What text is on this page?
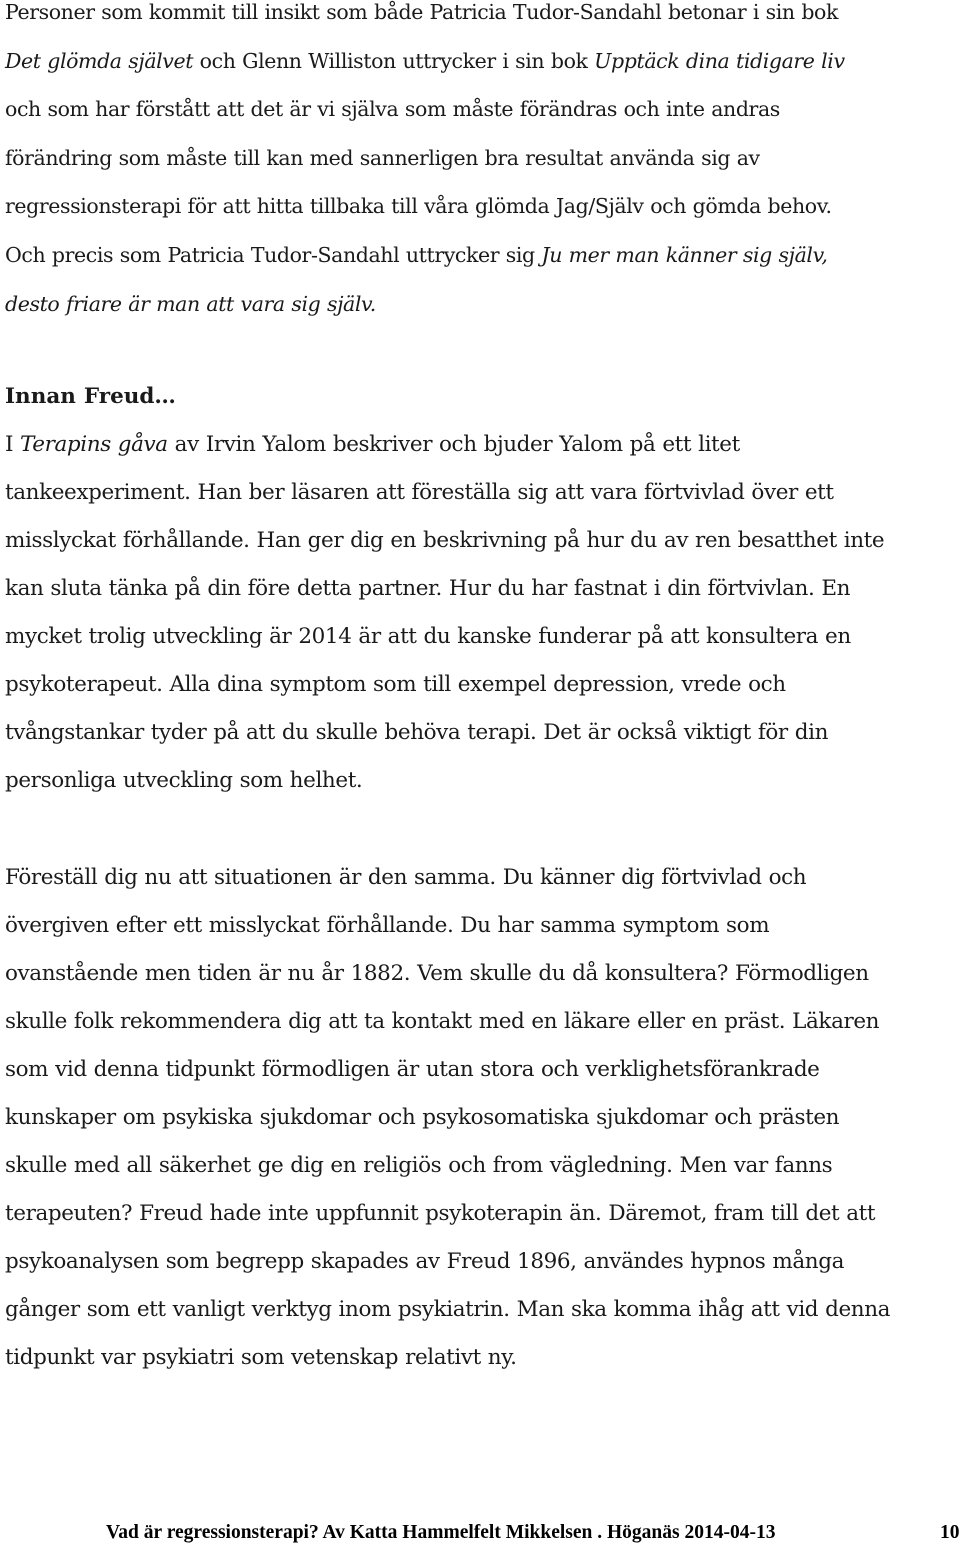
Personer som kommit till insikt som både Patricia Tudor-Sandahl betonar i sin bok
Det glömda självet och Glenn Williston uttrycker i sin bok Upptäck dina tidigare liv
och som har förstått att det är vi själva som måste förändras och inte andras
förändring som måste till kan med sannerligen bra resultat använda sig av
regressionsterapi för att hitta tillbaka till våra glömda Jag/Själv och gömda behov.
Och precis som Patricia Tudor-Sandahl uttrycker sig Ju mer man känner sig själv,
desto friare är man att vara sig själv.
Innan Freud…
I Terapins gåva av Irvin Yalom beskriver och bjuder Yalom på ett litet
tankeexperiment. Han ber läsaren att föreställa sig att vara förtvivlad över ett
misslyckat förhållande. Han ger dig en beskrivning på hur du av ren besatthet inte
kan sluta tänka på din före detta partner. Hur du har fastnat i din förtvivlan. En
mycket trolig utveckling är 2014 är att du kanske funderar på att konsultera en
psykoterapeut. Alla dina symptom som till exempel depression, vrede och
tvångstankar tyder på att du skulle behöva terapi. Det är också viktigt för din
personliga utveckling som helhet.
Föreställ dig nu att situationen är den samma. Du känner dig förtvivlad och
övergiven efter ett misslyckat förhållande. Du har samma symptom som
ovanstående men tiden är nu år 1882. Vem skulle du då konsultera? Förmodligen
skulle folk rekommendera dig att ta kontakt med en läkare eller en präst. Läkaren
som vid denna tidpunkt förmodligen är utan stora och verklighetsförankrade
kunskaper om psykiska sjukdomar och psykosomatiska sjukdomar och prästen
skulle med all säkerhet ge dig en religiös och from vägledning. Men var fanns
terapeuten? Freud hade inte uppfunnit psykoterapin än. Däremot, fram till det att
psykoanalysen som begrepp skapades av Freud 1896, användes hypnos många
gånger som ett vanligt verktyg inom psykiatrin. Man ska komma ihåg att vid denna
tidpunkt var psykiatri som vetenskap relativt ny.
Vad är regressionsterapi? Av Katta Hammelfelt Mikkelsen . Höganäs 2014-04-13	10
